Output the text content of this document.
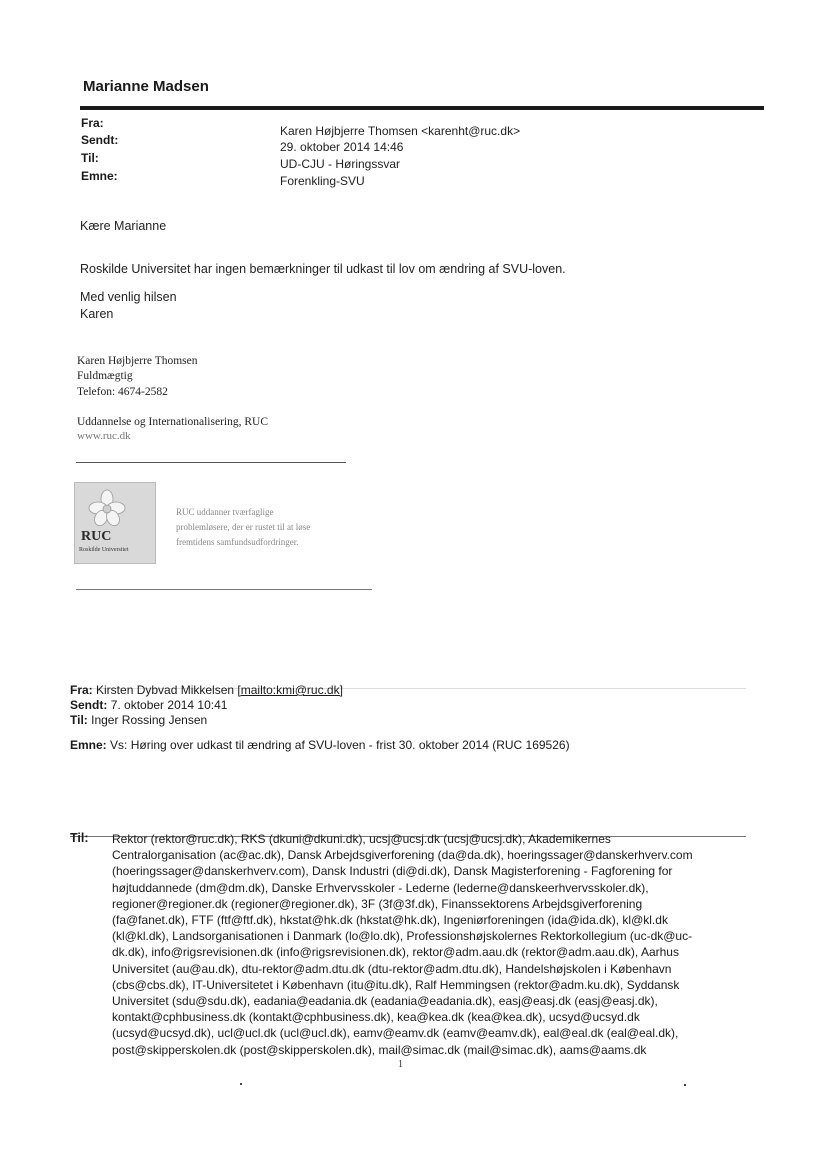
Marianne Madsen
Fra:
Sendt:
Til:
Emne:
Karen Højbjerre Thomsen <karenht@ruc.dk>
29. oktober 2014 14:46
UD-CJU - Høringssvar
Forenkling-SVU
Kære Marianne
Roskilde Universitet har ingen bemærkninger til udkast til lov om ændring af SVU-loven.
Med venlig hilsen
Karen
Karen Højbjerre Thomsen
Fuldmægtig
Telefon: 4674-2582
Uddannelse og Internationalisering, RUC
www.ruc.dk
RUC
Roskilde Universitet
RUC uddanner tværfaglige
problemløsere, der er rustet til at løse
fremtidens samfundsudfordringer.
Fra: Kirsten Dybvad Mikkelsen [mailto:kmi@ruc.dk]
Sendt: 7. oktober 2014 10:41
Til: Inger Rossing Jensen
Emne: Vs: Høring over udkast til ændring af SVU-loven - frist 30. oktober 2014 (RUC 169526)
Til: Rektor (rektor@ruc.dk), RKS (dkuni@dkuni.dk), ucsj@ucsj.dk (ucsj@ucsj.dk), Akademikernes
Centralorganisation (ac@ac.dk), Dansk Arbejdsgiverforening (da@da.dk), hoeringssager@danskerhverv.com
(hoeringssager@danskerhverv.com), Dansk Industri (di@di.dk), Dansk Magisterforening - Fagforening for
højtuddannede (dm@dm.dk), Danske Erhvervsskoler - Lederne (lederne@danskeerhvervsskoler.dk),
regioner@regioner.dk (regioner@regioner.dk), 3F (3f@3f.dk), Finanssektorens Arbejdsgiverforening
(fa@fanet.dk), FTF (ftf@ftf.dk), hkstat@hk.dk (hkstat@hk.dk), Ingeniørforeningen (ida@ida.dk), kl@kl.dk
(kl@kl.dk), Landsorganisationen i Danmark (lo@lo.dk), Professionshøjskolernes Rektorkollegium (uc-dk@uc-
dk.dk), info@rigsrevisionen.dk (info@rigsrevisionen.dk), rektor@adm.aau.dk (rektor@adm.aau.dk), Aarhus
Universitet (au@au.dk), dtu-rektor@adm.dtu.dk (dtu-rektor@adm.dtu.dk), Handelshøjskolen i København
(cbs@cbs.dk), IT-Universitetet i København (itu@itu.dk), Ralf Hemmingsen (rektor@adm.ku.dk), Syddansk
Universitet (sdu@sdu.dk), eadania@eadania.dk (eadania@eadania.dk), easj@easj.dk (easj@easj.dk),
kontakt@cphbusiness.dk (kontakt@cphbusiness.dk), kea@kea.dk (kea@kea.dk), ucsyd@ucsyd.dk
(ucsyd@ucsyd.dk), ucl@ucl.dk (ucl@ucl.dk), eamv@eamv.dk (eamv@eamv.dk), eal@eal.dk (eal@eal.dk),
post@skipperskolen.dk (post@skipperskolen.dk), mail@simac.dk (mail@simac.dk), aams@aams.dk
1
